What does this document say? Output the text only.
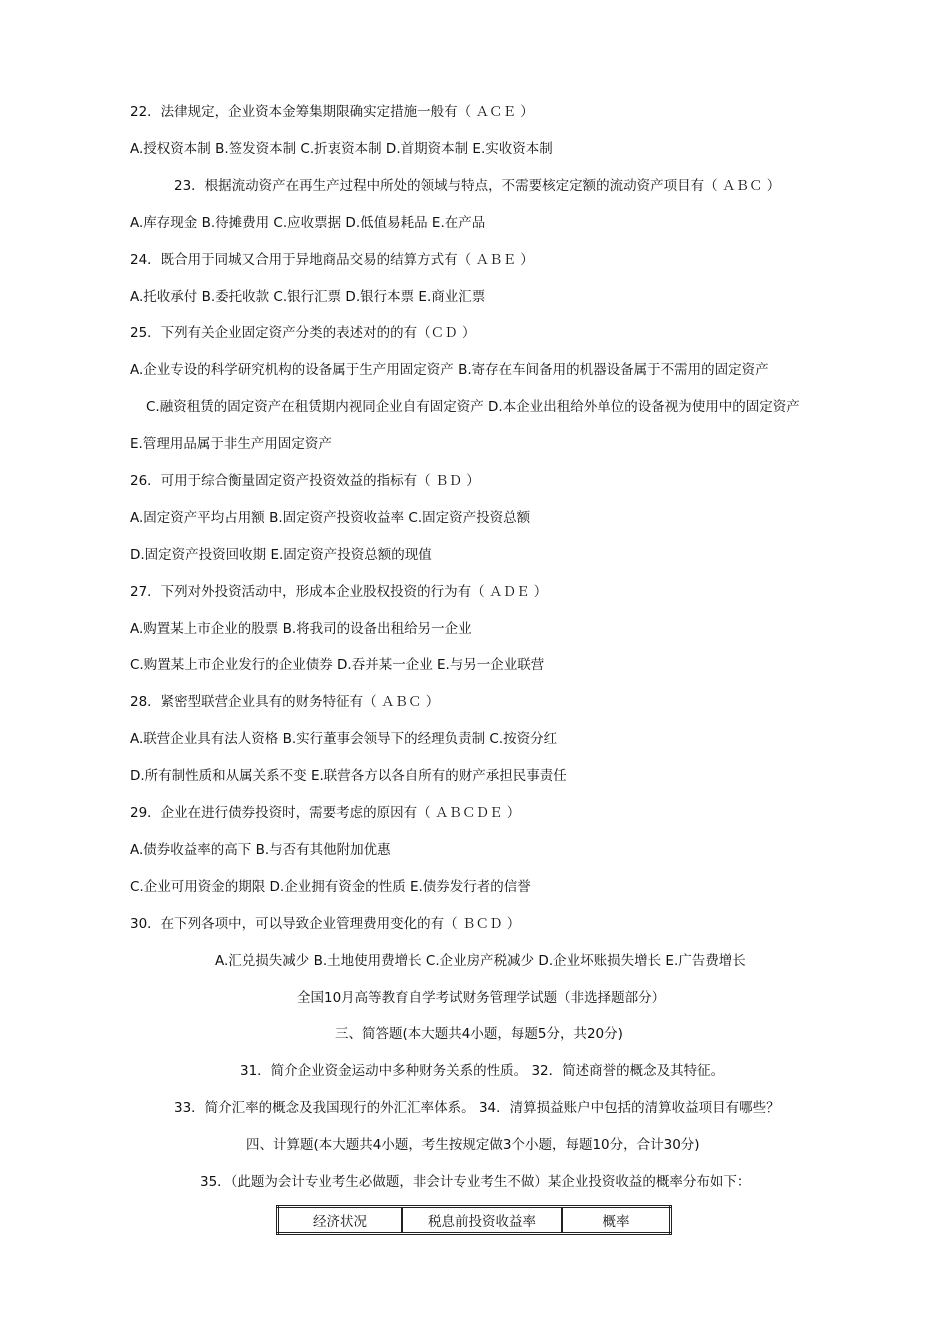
22．法律规定，企业资本金筹集期限确实定措施一般有（ ＡＣＥ ）
A.授权资本制 B.签发资本制 C.折衷资本制 D.首期资本制 E.实收资本制
23．根据流动资产在再生产过程中所处的领域与特点，不需要核定定额的流动资产项目有（ ＡＢＣ ）
A.库存现金 B.待摊费用 C.应收票据 D.低值易耗品 E.在产品
24．既合用于同城又合用于异地商品交易的结算方式有（ ＡＢＥ ）
A.托收承付 B.委托收款 C.银行汇票 D.银行本票 E.商业汇票
25．下列有关企业固定资产分类的表述对的的有（ＣＤ ）
A.企业专设的科学研究机构的设备属于生产用固定资产 B.寄存在车间备用的机器设备属于不需用的固定资产
C.融资租赁的固定资产在租赁期内视同企业自有固定资产 D.本企业出租给外单位的设备视为使用中的固定资产
E.管理用品属于非生产用固定资产
26．可用于综合衡量固定资产投资效益的指标有（ ＢＤ ）
A.固定资产平均占用额 B.固定资产投资收益率 C.固定资产投资总额
D.固定资产投资回收期 E.固定资产投资总额的现值
27．下列对外投资活动中，形成本企业股权投资的行为有（ ＡＤＥ ）
A.购置某上市企业的股票 B.将我司的设备出租给另一企业
C.购置某上市企业发行的企业债券 D.吞并某一企业 E.与另一企业联营
28．紧密型联营企业具有的财务特征有（ ＡＢＣ ）
A.联营企业具有法人资格 B.实行董事会领导下的经理负责制 C.按资分红
D.所有制性质和从属关系不变 E.联营各方以各自所有的财产承担民事责任
29．企业在进行债券投资时，需要考虑的原因有（ ＡＢＣＤＥ ）
A.债券收益率的高下 B.与否有其他附加优惠
C.企业可用资金的期限 D.企业拥有资金的性质 E.债券发行者的信誉
30．在下列各项中，可以导致企业管理费用变化的有（ ＢＣＤ ）
A.汇兑损失减少 B.土地使用费增长 C.企业房产税减少 D.企业坏账损失增长 E.广告费增长
全国10月高等教育自学考试财务管理学试题（非选择题部分）
三、简答题(本大题共4小题，每题5分，共20分)
31．简介企业资金运动中多种财务关系的性质。 32．简述商誉的概念及其特征。
33．简介汇率的概念及我国现行的外汇汇率体系。 34．清算损益账户中包括的清算收益项目有哪些？
四、计算题(本大题共4小题，考生按规定做3个小题，每题10分，合计30分)
35．（此题为会计专业考生必做题，非会计专业考生不做）某企业投资收益的概率分布如下：
经济状况	税息前投资收益率	概率
